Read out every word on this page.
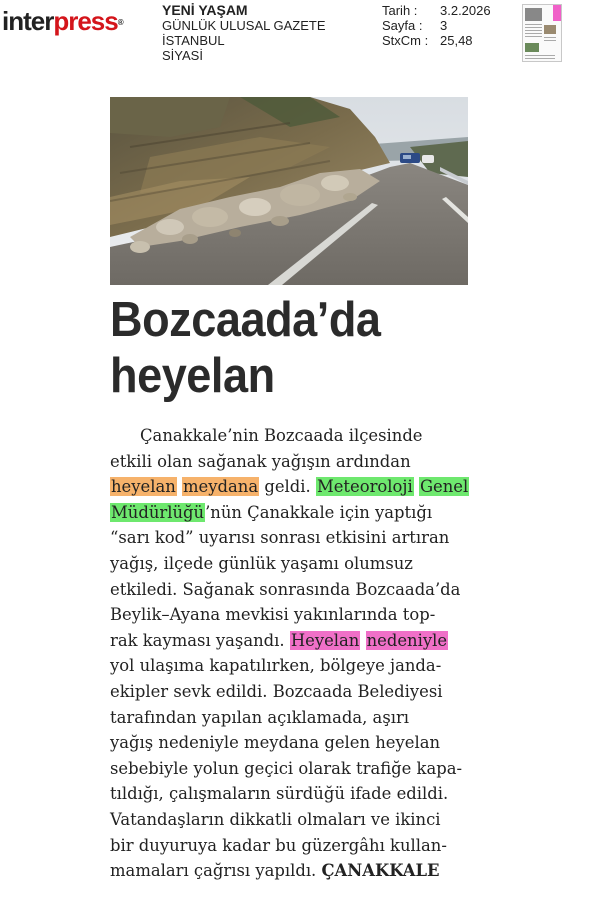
interpress®
YENİ YAŞAM
GÜNLÜK ULUSAL GAZETE
İSTANBUL
SİYASİ
Tarih :	3.2.2026
Sayfa :	3
StxCm : 25,48
Bozcaada’da
heyelan
Çanakkale’nin Bozcaada ilçesinde
etkili olan sağanak yağışın ardından
heyelan meydana geldi. Meteoroloji Genel
Müdürlüğü’nün Çanakkale için yaptığı
“sarı kod” uyarısı sonrası etkisini artıran
yağış, ilçede günlük yaşamı olumsuz
etkiledi. Sağanak sonrasında Bozcaada’da
Beylik–Ayana mevkisi yakınlarında top-
rak kayması yaşandı. Heyelan nedeniyle
yol ulaşıma kapatılırken, bölgeye janda-
ekipler sevk edildi. Bozcaada Belediyesi
tarafından yapılan açıklamada, aşırı
yağış nedeniyle meydana gelen heyelan
sebebiyle yolun geçici olarak trafiğe kapa-
tıldığı, çalışmaların sürdüğü ifade edildi.
Vatandaşların dikkatli olmaları ve ikinci
bir duyuruya kadar bu güzergâhı kullan-
mamaları çağrısı yapıldı. ÇANAKKALE
